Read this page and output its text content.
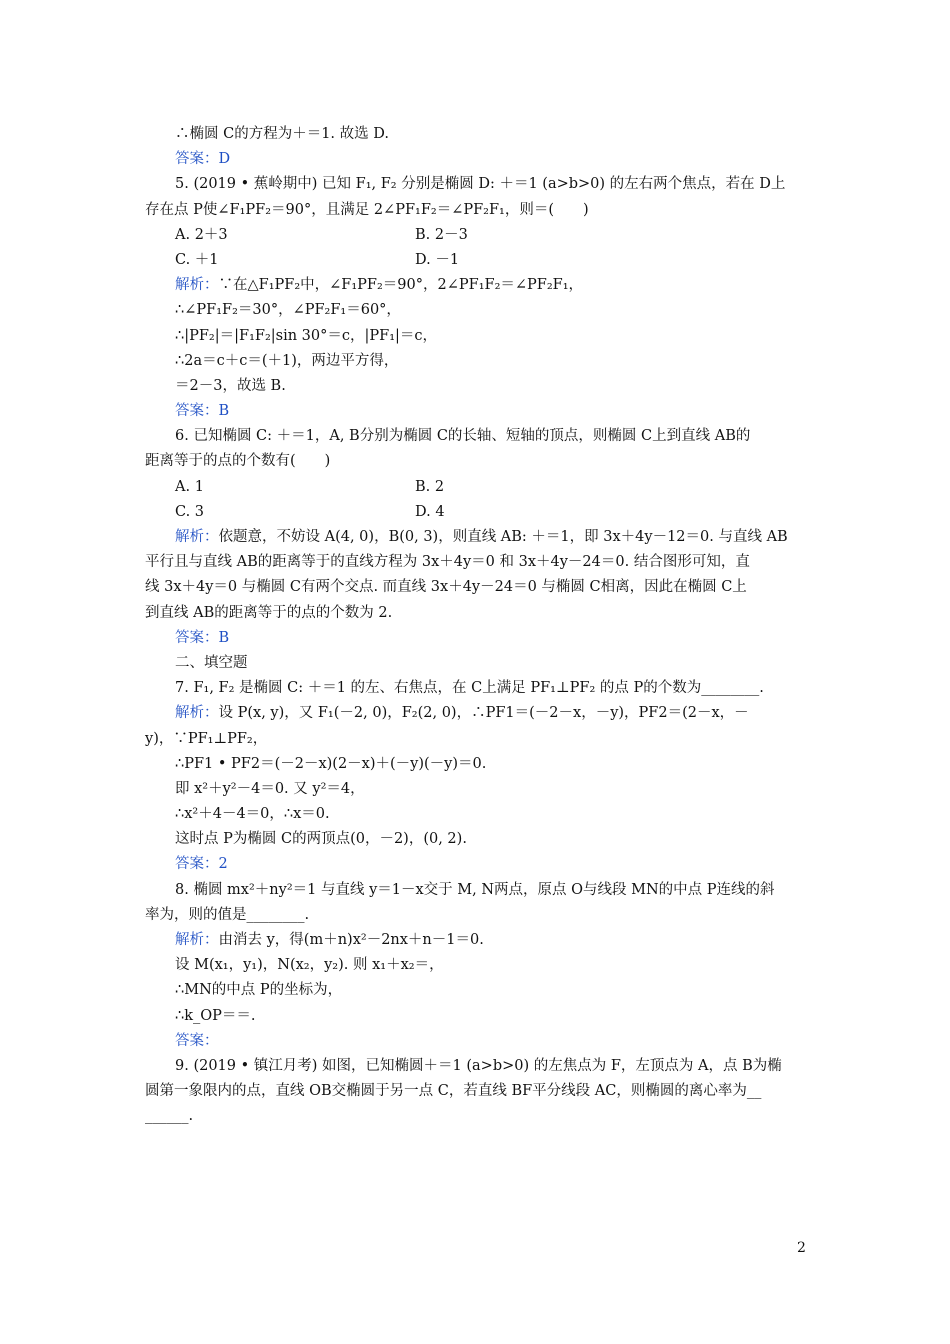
∴椭圆 C的方程为＋＝1. 故选 D.
答案：D
5. (2019 • 蕉岭期中) 已知 F₁, F₂ 分别是椭圆 D: ＋＝1 (a>b>0) 的左右两个焦点，若在 D上
存在点 P使∠F₁PF₂＝90°，且满足 2∠PF₁F₂＝∠PF₂F₁，则＝(　　)
A. 2＋3	B. 2－3
C. ＋1	D. －1
解析：∵在△F₁PF₂中，∠F₁PF₂＝90°，2∠PF₁F₂＝∠PF₂F₁，
∴∠PF₁F₂＝30°，∠PF₂F₁＝60°，
∴|PF₂|＝|F₁F₂|sin 30°＝c，|PF₁|＝c，
∴2a＝c＋c＝(＋1)，两边平方得，
＝2－3，故选 B.
答案：B
6. 已知椭圆 C: ＋＝1，A, B分别为椭圆 C的长轴、短轴的顶点，则椭圆 C上到直线 AB的
距离等于的点的个数有(　　)
A. 1	B. 2
C. 3	D. 4
解析：依题意，不妨设 A(4, 0)，B(0, 3)，则直线 AB: ＋＝1，即 3x＋4y－12＝0. 与直线 AB
平行且与直线 AB的距离等于的直线方程为 3x＋4y＝0 和 3x＋4y－24＝0. 结合图形可知，直
线 3x＋4y＝0 与椭圆 C有两个交点. 而直线 3x＋4y－24＝0 与椭圆 C相离，因此在椭圆 C上
到直线 AB的距离等于的点的个数为 2.
答案：B
二、填空题
7. F₁, F₂ 是椭圆 C: ＋＝1 的左、右焦点，在 C上满足 PF₁⊥PF₂ 的点 P的个数为________.
解析：设 P(x, y)，又 F₁(－2, 0)，F₂(2, 0)，∴PF1＝(－2－x，－y)，PF2＝(2－x，－
y)，∵PF₁⊥PF₂，
∴PF1 • PF2＝(－2－x)(2－x)＋(－y)(－y)＝0.
即 x²＋y²－4＝0. 又 y²＝4，
∴x²＋4－4＝0，∴x＝0.
这时点 P为椭圆 C的两顶点(0，－2)，(0, 2).
答案：2
8. 椭圆 mx²＋ny²＝1 与直线 y＝1－x交于 M, N两点，原点 O与线段 MN的中点 P连线的斜
率为，则的值是________.
解析：由消去 y，得(m＋n)x²－2nx＋n－1＝0.
设 M(x₁，y₁)，N(x₂，y₂). 则 x₁＋x₂＝，
∴MN的中点 P的坐标为，
∴k_OP＝＝.
答案：
9. (2019 • 镇江月考) 如图，已知椭圆＋＝1 (a>b>0) 的左焦点为 F，左顶点为 A，点 B为椭
圆第一象限内的点，直线 OB交椭圆于另一点 C，若直线 BF平分线段 AC，则椭圆的离心率为__
______.
2
